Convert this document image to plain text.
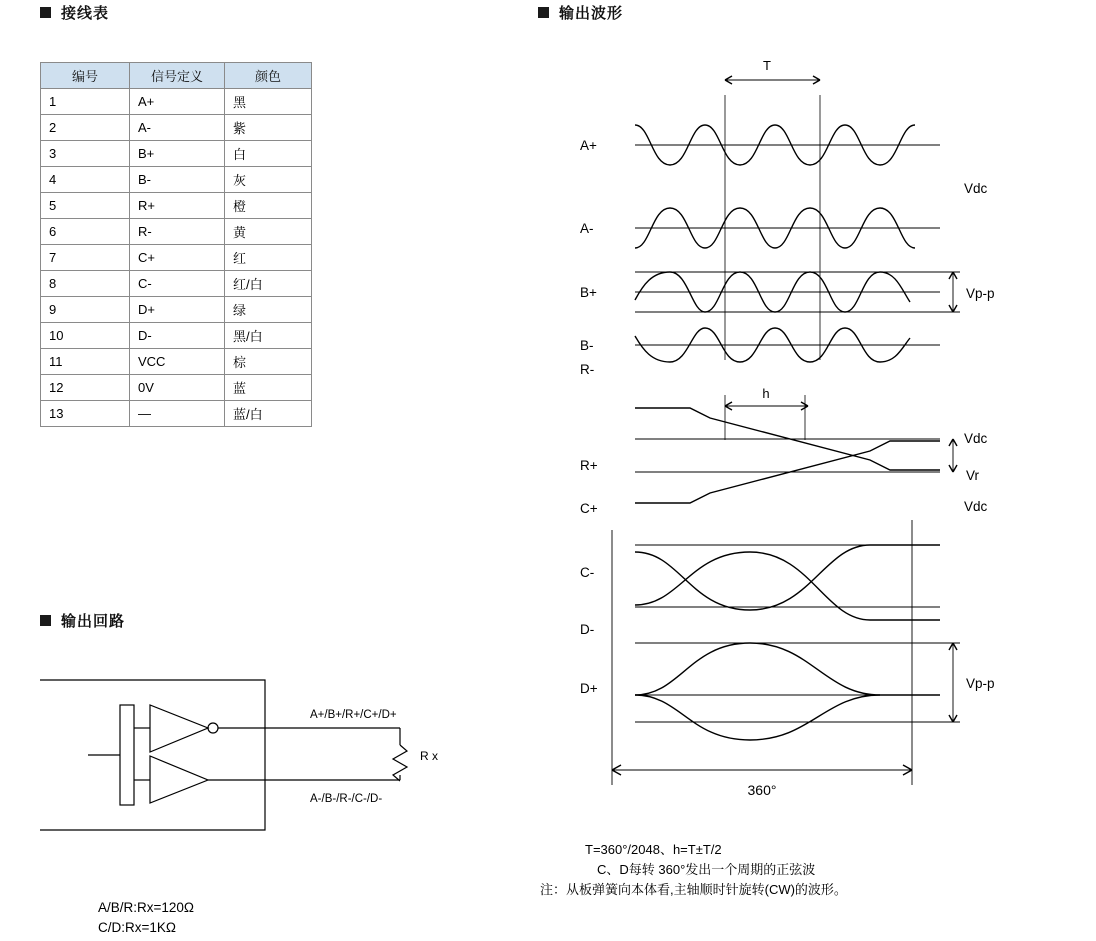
接线表
编号	信号定义	颜色
1	A+	黑
2	A-	紫
3	B+	白
4	B-	灰
5	R+	橙
6	R-	黄
7	C+	红
8	C-	红/白
9	D+	绿
10	D-	黑/白
11	VCC	棕
12	0V	蓝
13	—	蓝/白
输出回路
A+/B+/R+/C+/D+
A-/B-/R-/C-/D-
R x
A/B/R:Rx=120Ω
C/D:Rx=1KΩ
输出波形
A+
A-
B+
B-
R-
R+
C+
C-
D-
D+
T
h
Vdc
Vp-p
Vdc
Vr
Vdc
Vp-p
360°
T=360°/2048、h=T±T/2
C、D每转 360°发出一个周期的正弦波
注：从板弹簧向本体看,主轴顺时针旋转(CW)的波形。
